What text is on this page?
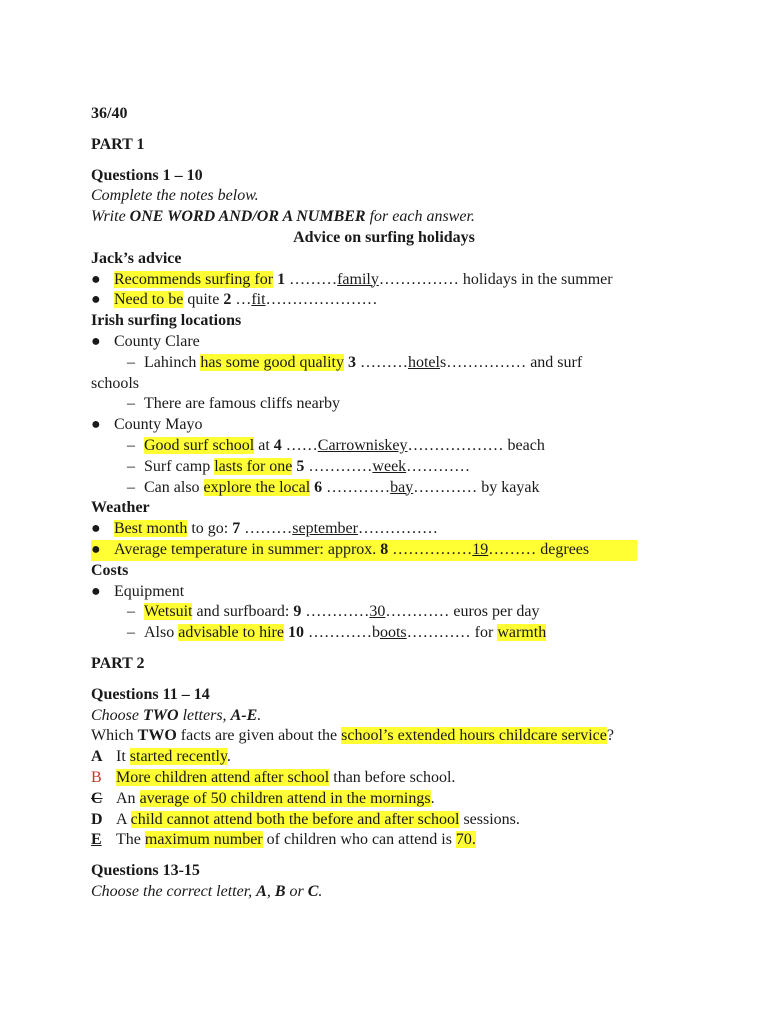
36/40
PART 1
Questions 1 – 10
Complete the notes below.
Write ONE WORD AND/OR A NUMBER for each answer.
Advice on surfing holidays
Jack’s advice
● Recommends surfing for 1 ………family…………… holidays in the summer
● Need to be quite 2 …fit…………………
Irish surfing locations
● County Clare
– Lahinch has some good quality 3 ………hotels…………… and surf
schools
– There are famous cliffs nearby
● County Mayo
– Good surf school at 4 ……Carrowniskey……………… beach
– Surf camp lasts for one 5 …………week…………
– Can also explore the local 6 …………bay………… by kayak
Weather
● Best month to go: 7 ………september……………
● Average temperature in summer: approx. 8 ……………19……… degrees
Costs
● Equipment
– Wetsuit and surfboard: 9 …………30………… euros per day
– Also advisable to hire 10 …………boots………… for warmth
PART 2
Questions 11 – 14
Choose TWO letters, A-E.
Which TWO facts are given about the school’s extended hours childcare service?
A It started recently.
B More children attend after school than before school.
CAn average of 50 children attend in the mornings.
D A child cannot attend both the before and after school sessions.
EThe maximum number of children who can attend is 70.
Questions 13-15
Choose the correct letter, A, B or C.
